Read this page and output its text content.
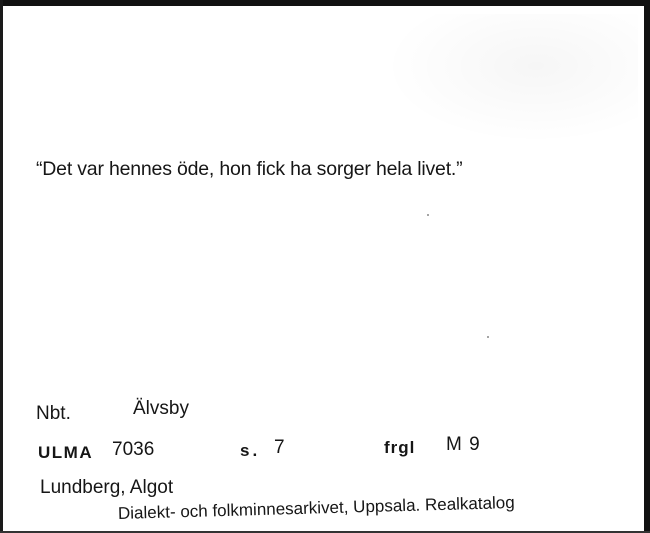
“Det var hennes öde, hon fick ha sorger hela livet.”
Nbt.	Älvsby
ULMA 7036	s. 7	frgl M 9
Lundberg, Algot
Dialekt- och folkminnesarkivet, Uppsala. Realkatalog
